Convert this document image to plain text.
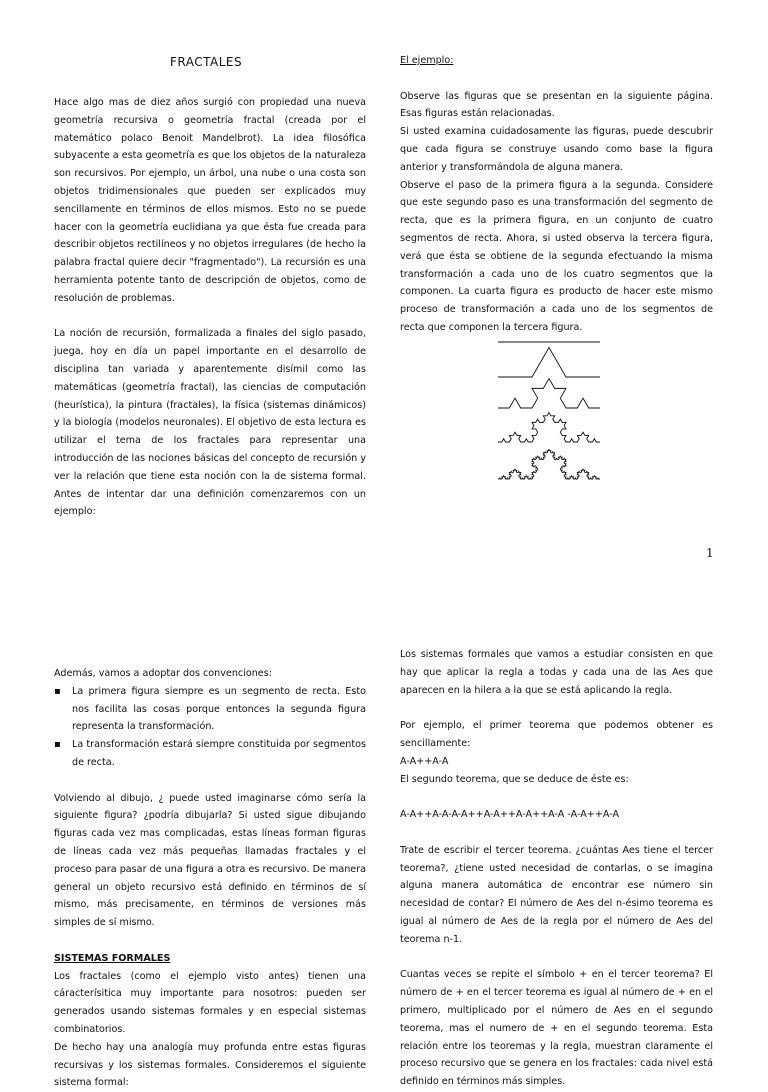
FRACTALES

Hace algo mas de diez años surgió con propiedad una nueva geometría recursiva o geometría fractal (creada por el matemático polaco Benoit Mandelbrot). La idea filosófica subyacente a esta geometría es que los objetos de la naturaleza son recursivos. Por ejemplo, un árbol, una nube o una costa son objetos tridimensionales que pueden ser explicados muy sencillamente en términos de ellos mismos. Esto no se puede hacer con la geometría euclidiana ya que ésta fue creada para describir objetos rectilíneos y no objetos irregulares (de hecho la palabra fractal quiere decir "fragmentado"). La recursión es una herramienta potente tanto de descripción de objetos, como de resolución de problemas.

La noción de recursión, formalizada a finales del siglo pasado, juega, hoy en día un papel importante en el desarrollo de disciplina tan variada y aparentemente disímil como las matemáticas (geometría fractal), las ciencias de computación (heurística), la pintura (fractales), la física (sistemas dinámicos) y la biología (modelos neuronales). El objetivo de esta lectura es utilizar el tema de los fractales para representar una introducción de las nociones básicas del concepto de recursión y ver la relación que tiene esta noción con la de sistema formal. Antes de intentar dar una definición comenzaremos con un ejemplo:

El ejemplo:

Observe las figuras que se presentan en la siguiente página. Esas figuras están relacionadas.

Si usted examina cuidadosamente las figuras, puede descubrir que cada figura se construye usando como base la figura anterior y transformándola de alguna manera.

Observe el paso de la primera figura a la segunda. Considere que este segundo paso es una transformación del segmento de recta, que es la primera figura, en un conjunto de cuatro segmentos de recta. Ahora, si usted observa la tercera figura, verá que ésta se obtiene de la segunda efectuando la misma transformación a cada uno de los cuatro segmentos que la componen. La cuarta figura es producto de hacer este mismo proceso de transformación a cada uno de los segmentos de recta que componen la tercera figura.

1

Además, vamos a adoptar dos convenciones:

▪ La primera figura siempre es un segmento de recta. Esto nos facilita las cosas porque entonces la segunda figura representa la transformación.
▪ La transformación estará siempre constituida por segmentos de recta.

Volviendo al dibujo, ¿ puede usted imaginarse cómo sería la siguiente figura? ¿podría dibujarla? Si usted sigue dibujando figuras cada vez mas complicadas, estas líneas forman figuras de líneas cada vez más pequeñas llamadas fractales y el proceso para pasar de una figura a otra es recursivo. De manera general un objeto recursivo está definido en términos de sí mismo, más precisamente, en términos de versiones más simples de sí mismo.

SISTEMAS FORMALES

Los fractales (como el ejemplo visto antes) tienen una cáracterísitica muy importante para nosotros: pueden ser generados usando sistemas formales y en especial sistemas combinatorios.

De hecho hay una analogía muy profunda entre estas figuras recursivas y los sistemas formales. Consideremos el siguiente sistema formal:

Los sistemas formales que vamos a estudiar consisten en que hay que aplicar la regla a todas y cada una de las Aes que aparecen en la hilera a la que se está aplicando la regla.

Por ejemplo, el primer teorema que podemos obtener es sencillamente:

A-A++A-A

El segundo teorema, que se deduce de éste es:

A-A++A-A-A-A++A-A++A-A++A-A -A-A++A-A

Trate de escribir el tercer teorema. ¿cuántas Aes tiene el tercer teorema?, ¿tiene usted necesidad de contarlas, o se imagina alguna manera automática de encontrar ese número sin necesidad de contar? El número de Aes del n-ésimo teorema es igual al número de Aes de la regla por el número de Aes del teorema n-1.

Cuantas veces se repite el símbolo + en el tercer teorema? El número de + en el tercer teorema es igual al número de + en el primero, multiplicado por el número de Aes en el segundo teorema, mas el numero de + en el segundo teorema. Esta relación entre los teoremas y la regla, muestran claramente el proceso recursivo que se genera en los fractales: cada nivel está definido en términos más simples.
